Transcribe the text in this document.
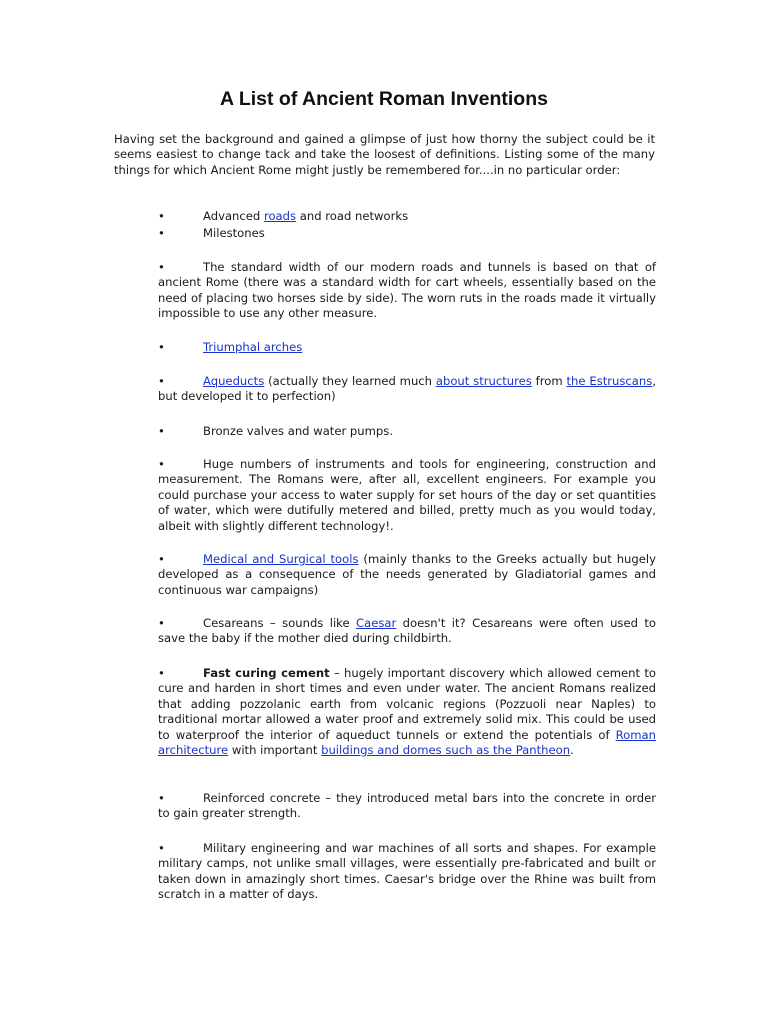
A List of Ancient Roman Inventions

Having set the background and gained a glimpse of just how thorny the subject could be it seems easiest to change tack and take the loosest of definitions. Listing some of the many things for which Ancient Rome might justly be remembered for....in no particular order:

•	Advanced roads and road networks
•	Milestones

•	The standard width of our modern roads and tunnels is based on that of ancient Rome (there was a standard width for cart wheels, essentially based on the need of placing two horses side by side). The worn ruts in the roads made it virtually impossible to use any other measure.

•	Triumphal arches

•	Aqueducts (actually they learned much about structures from the Estruscans, but developed it to perfection)

•	Bronze valves and water pumps.

•	Huge numbers of instruments and tools for engineering, construction and measurement. The Romans were, after all, excellent engineers. For example you could purchase your access to water supply for set hours of the day or set quantities of water, which were dutifully metered and billed, pretty much as you would today, albeit with slightly different technology!.

•	Medical and Surgical tools (mainly thanks to the Greeks actually but hugely developed as a consequence of the needs generated by Gladiatorial games and continuous war campaigns)

•	Cesareans – sounds like Caesar doesn't it? Cesareans were often used to save the baby if the mother died during childbirth.

•	Fast curing cement – hugely important discovery which allowed cement to cure and harden in short times and even under water. The ancient Romans realized that adding pozzolanic earth from volcanic regions (Pozzuoli near Naples) to traditional mortar allowed a water proof and extremely solid mix. This could be used to waterproof the interior of aqueduct tunnels or extend the potentials of Roman architecture with important buildings and domes such as the Pantheon.

•	Reinforced concrete – they introduced metal bars into the concrete in order to gain greater strength.

•	Military engineering and war machines of all sorts and shapes. For example military camps, not unlike small villages, were essentially pre-fabricated and built or taken down in amazingly short times. Caesar's bridge over the Rhine was built from scratch in a matter of days.
